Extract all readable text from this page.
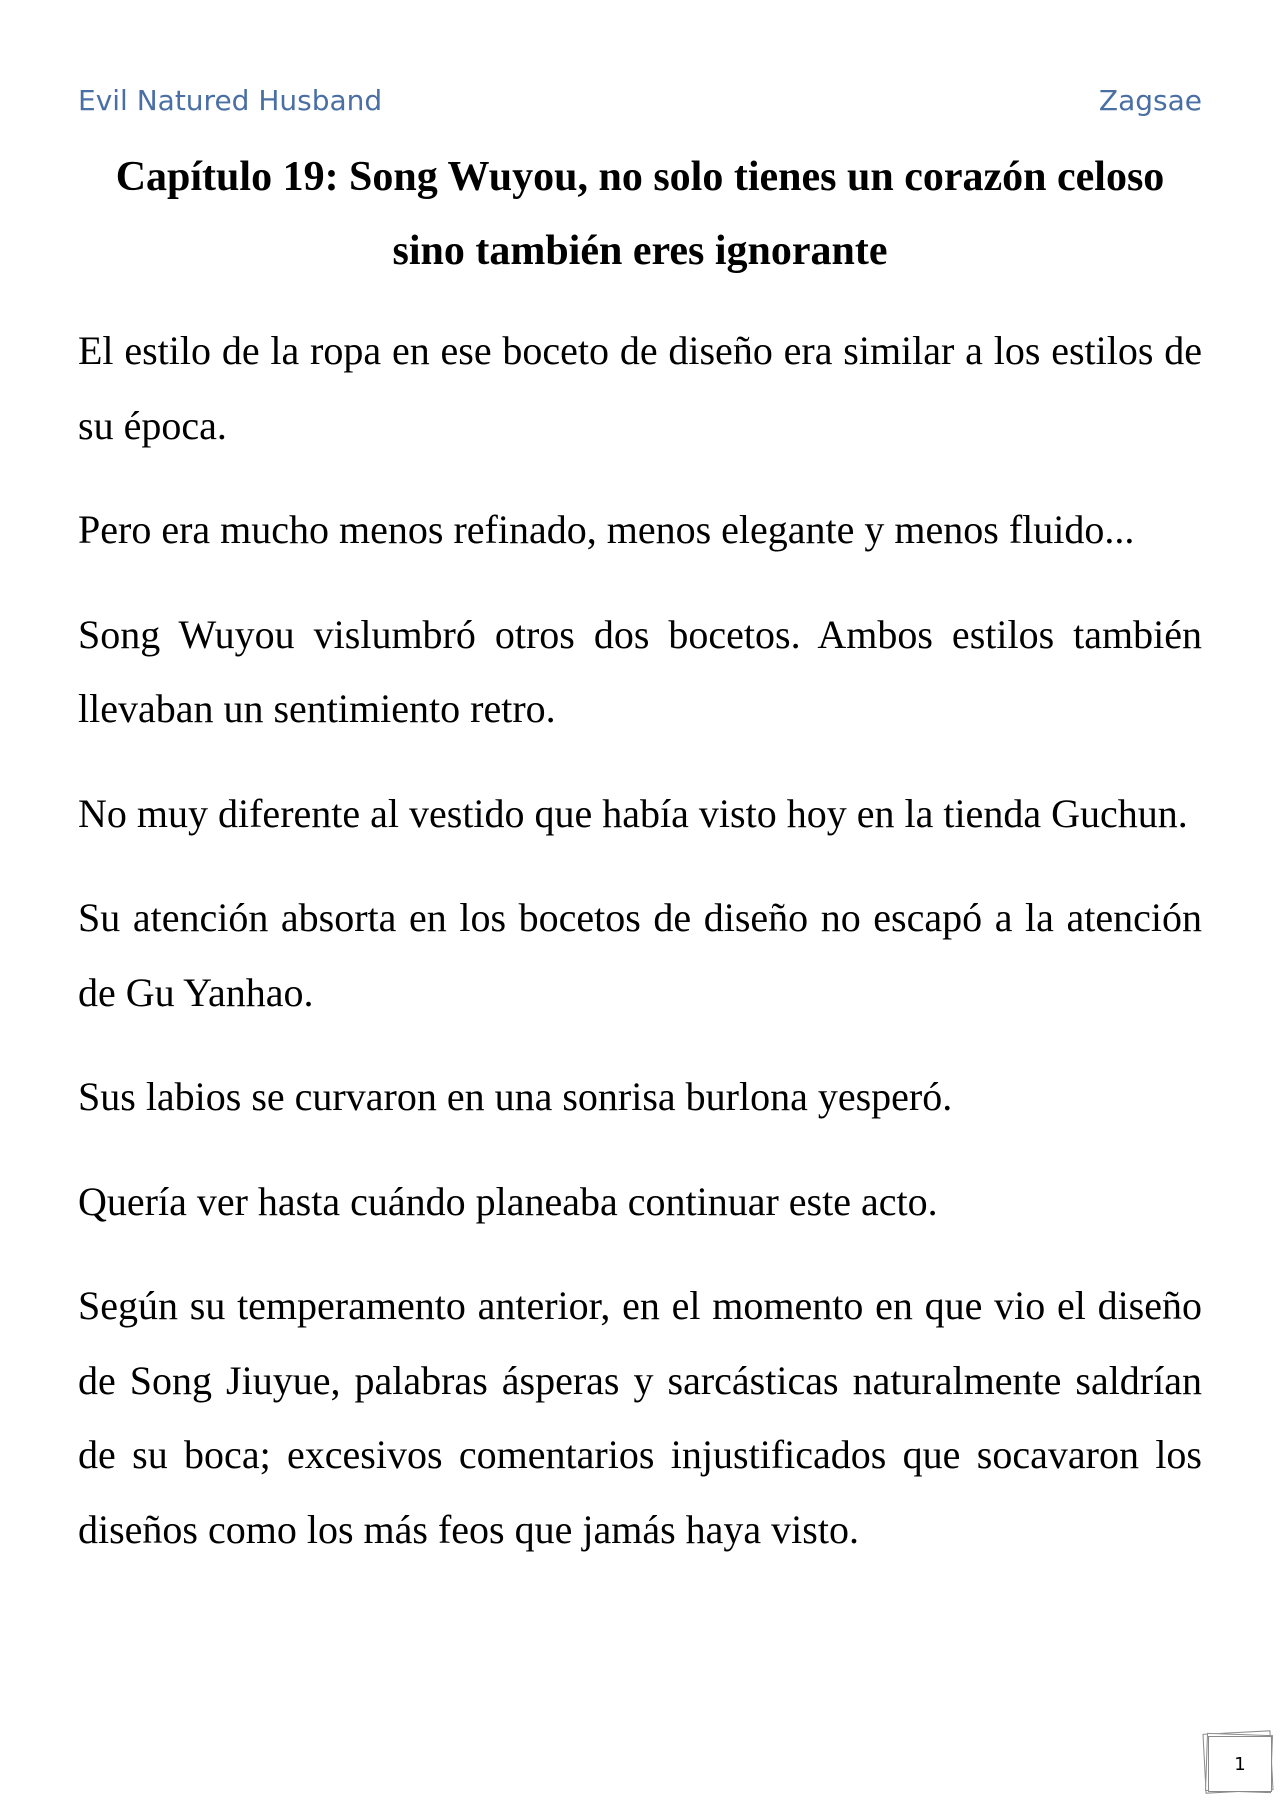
Evil Natured Husband	Zagsae
Capítulo 19: Song Wuyou, no solo tienes un corazón celoso sino también eres ignorante

El estilo de la ropa en ese boceto de diseño era similar a los estilos de su época.

Pero era mucho menos refinado, menos elegante y menos fluido...

Song Wuyou vislumbró otros dos bocetos. Ambos estilos también llevaban un sentimiento retro.

No muy diferente al vestido que había visto hoy en la tienda Guchun.

Su atención absorta en los bocetos de diseño no escapó a la atención de Gu Yanhao.

Sus labios se curvaron en una sonrisa burlona yesperó.

Quería ver hasta cuándo planeaba continuar este acto.

Según su temperamento anterior, en el momento en que vio el diseño de Song Jiuyue, palabras ásperas y sarcásticas naturalmente saldrían de su boca; excesivos comentarios injustificados que socavaron los diseños como los más feos que jamás haya visto.

1
